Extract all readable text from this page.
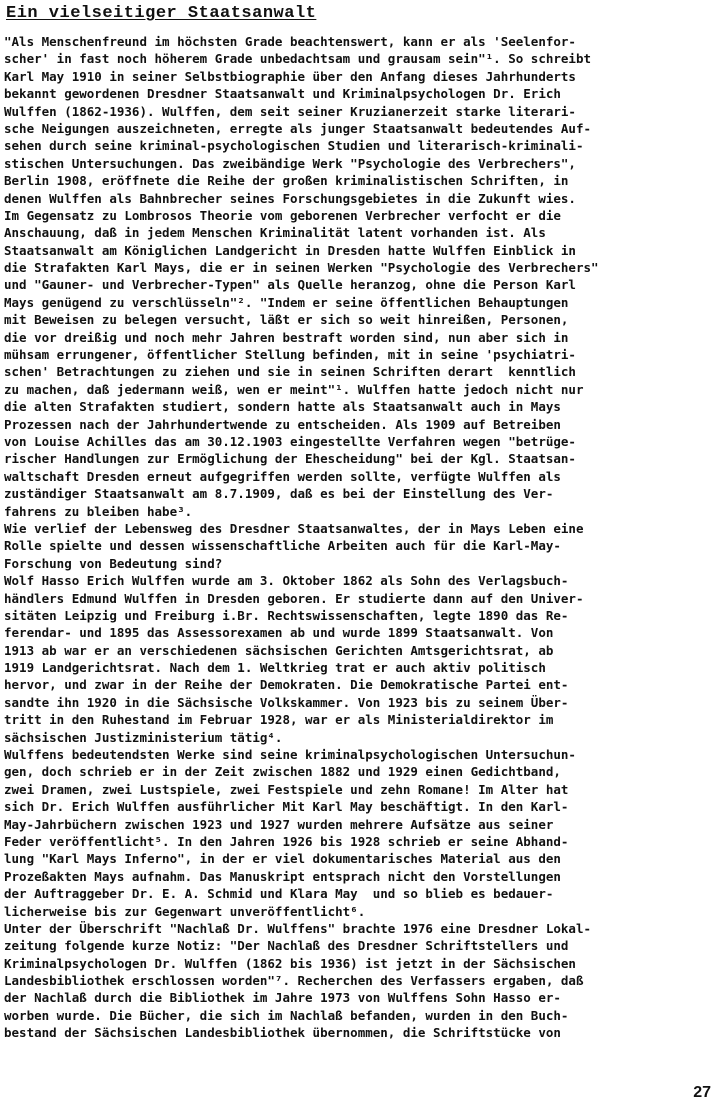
Ein vielseitiger Staatsanwalt
"Als Menschenfreund im höchsten Grade beachtenswert, kann er als 'Seelenfor-
scher' in fast noch höherem Grade unbedachtsam und grausam sein"¹. So schreibt
Karl May 1910 in seiner Selbstbiographie über den Anfang dieses Jahrhunderts
bekannt gewordenen Dresdner Staatsanwalt und Kriminalpsychologen Dr. Erich
Wulffen (1862-1936). Wulffen, dem seit seiner Kruzianerzeit starke literari-
sche Neigungen auszeichneten, erregte als junger Staatsanwalt bedeutendes Auf-
sehen durch seine kriminal-psychologischen Studien und literarisch-kriminali-
stischen Untersuchungen. Das zweibändige Werk "Psychologie des Verbrechers",
Berlin 1908, eröffnete die Reihe der großen kriminalistischen Schriften, in
denen Wulffen als Bahnbrecher seines Forschungsgebietes in die Zukunft wies.
Im Gegensatz zu Lombrosos Theorie vom geborenen Verbrecher verfocht er die
Anschauung, daß in jedem Menschen Kriminalität latent vorhanden ist. Als
Staatsanwalt am Königlichen Landgericht in Dresden hatte Wulffen Einblick in
die Strafakten Karl Mays, die er in seinen Werken "Psychologie des Verbrechers"
und "Gauner- und Verbrecher-Typen" als Quelle heranzog, ohne die Person Karl
Mays genügend zu verschlüsseln"². "Indem er seine öffentlichen Behauptungen
mit Beweisen zu belegen versucht, läßt er sich so weit hinreißen, Personen,
die vor dreißig und noch mehr Jahren bestraft worden sind, nun aber sich in
mühsam errungener, öffentlicher Stellung befinden, mit in seine 'psychiatri-
schen' Betrachtungen zu ziehen und sie in seinen Schriften derart  kenntlich
zu machen, daß jedermann weiß, wen er meint"¹. Wulffen hatte jedoch nicht nur
die alten Strafakten studiert, sondern hatte als Staatsanwalt auch in Mays
Prozessen nach der Jahrhundertwende zu entscheiden. Als 1909 auf Betreiben
von Louise Achilles das am 30.12.1903 eingestellte Verfahren wegen "betrüge-
rischer Handlungen zur Ermöglichung der Ehescheidung" bei der Kgl. Staatsan-
waltschaft Dresden erneut aufgegriffen werden sollte, verfügte Wulffen als
zuständiger Staatsanwalt am 8.7.1909, daß es bei der Einstellung des Ver-
fahrens zu bleiben habe³.
Wie verlief der Lebensweg des Dresdner Staatsanwaltes, der in Mays Leben eine
Rolle spielte und dessen wissenschaftliche Arbeiten auch für die Karl-May-
Forschung von Bedeutung sind?
Wolf Hasso Erich Wulffen wurde am 3. Oktober 1862 als Sohn des Verlagsbuch-
händlers Edmund Wulffen in Dresden geboren. Er studierte dann auf den Univer-
sitäten Leipzig und Freiburg i.Br. Rechtswissenschaften, legte 1890 das Re-
ferendar- und 1895 das Assessorexamen ab und wurde 1899 Staatsanwalt. Von
1913 ab war er an verschiedenen sächsischen Gerichten Amtsgerichtsrat, ab
1919 Landgerichtsrat. Nach dem 1. Weltkrieg trat er auch aktiv politisch
hervor, und zwar in der Reihe der Demokraten. Die Demokratische Partei ent-
sandte ihn 1920 in die Sächsische Volkskammer. Von 1923 bis zu seinem Über-
tritt in den Ruhestand im Februar 1928, war er als Ministerialdirektor im
sächsischen Justizministerium tätig⁴.
Wulffens bedeutendsten Werke sind seine kriminalpsychologischen Untersuchun-
gen, doch schrieb er in der Zeit zwischen 1882 und 1929 einen Gedichtband,
zwei Dramen, zwei Lustspiele, zwei Festspiele und zehn Romane! Im Alter hat
sich Dr. Erich Wulffen ausführlicher Mit Karl May beschäftigt. In den Karl-
May-Jahrbüchern zwischen 1923 und 1927 wurden mehrere Aufsätze aus seiner
Feder veröffentlicht⁵. In den Jahren 1926 bis 1928 schrieb er seine Abhand-
lung "Karl Mays Inferno", in der er viel dokumentarisches Material aus den
Prozeßakten Mays aufnahm. Das Manuskript entsprach nicht den Vorstellungen
der Auftraggeber Dr. E. A. Schmid und Klara May  und so blieb es bedauer-
licherweise bis zur Gegenwart unveröffentlicht⁶.
Unter der Überschrift "Nachlaß Dr. Wulffens" brachte 1976 eine Dresdner Lokal-
zeitung folgende kurze Notiz: "Der Nachlaß des Dresdner Schriftstellers und
Kriminalpsychologen Dr. Wulffen (1862 bis 1936) ist jetzt in der Sächsischen
Landesbibliothek erschlossen worden"⁷. Recherchen des Verfassers ergaben, daß
der Nachlaß durch die Bibliothek im Jahre 1973 von Wulffens Sohn Hasso er-
worben wurde. Die Bücher, die sich im Nachlaß befanden, wurden in den Buch-
bestand der Sächsischen Landesbibliothek übernommen, die Schriftstücke von
27
